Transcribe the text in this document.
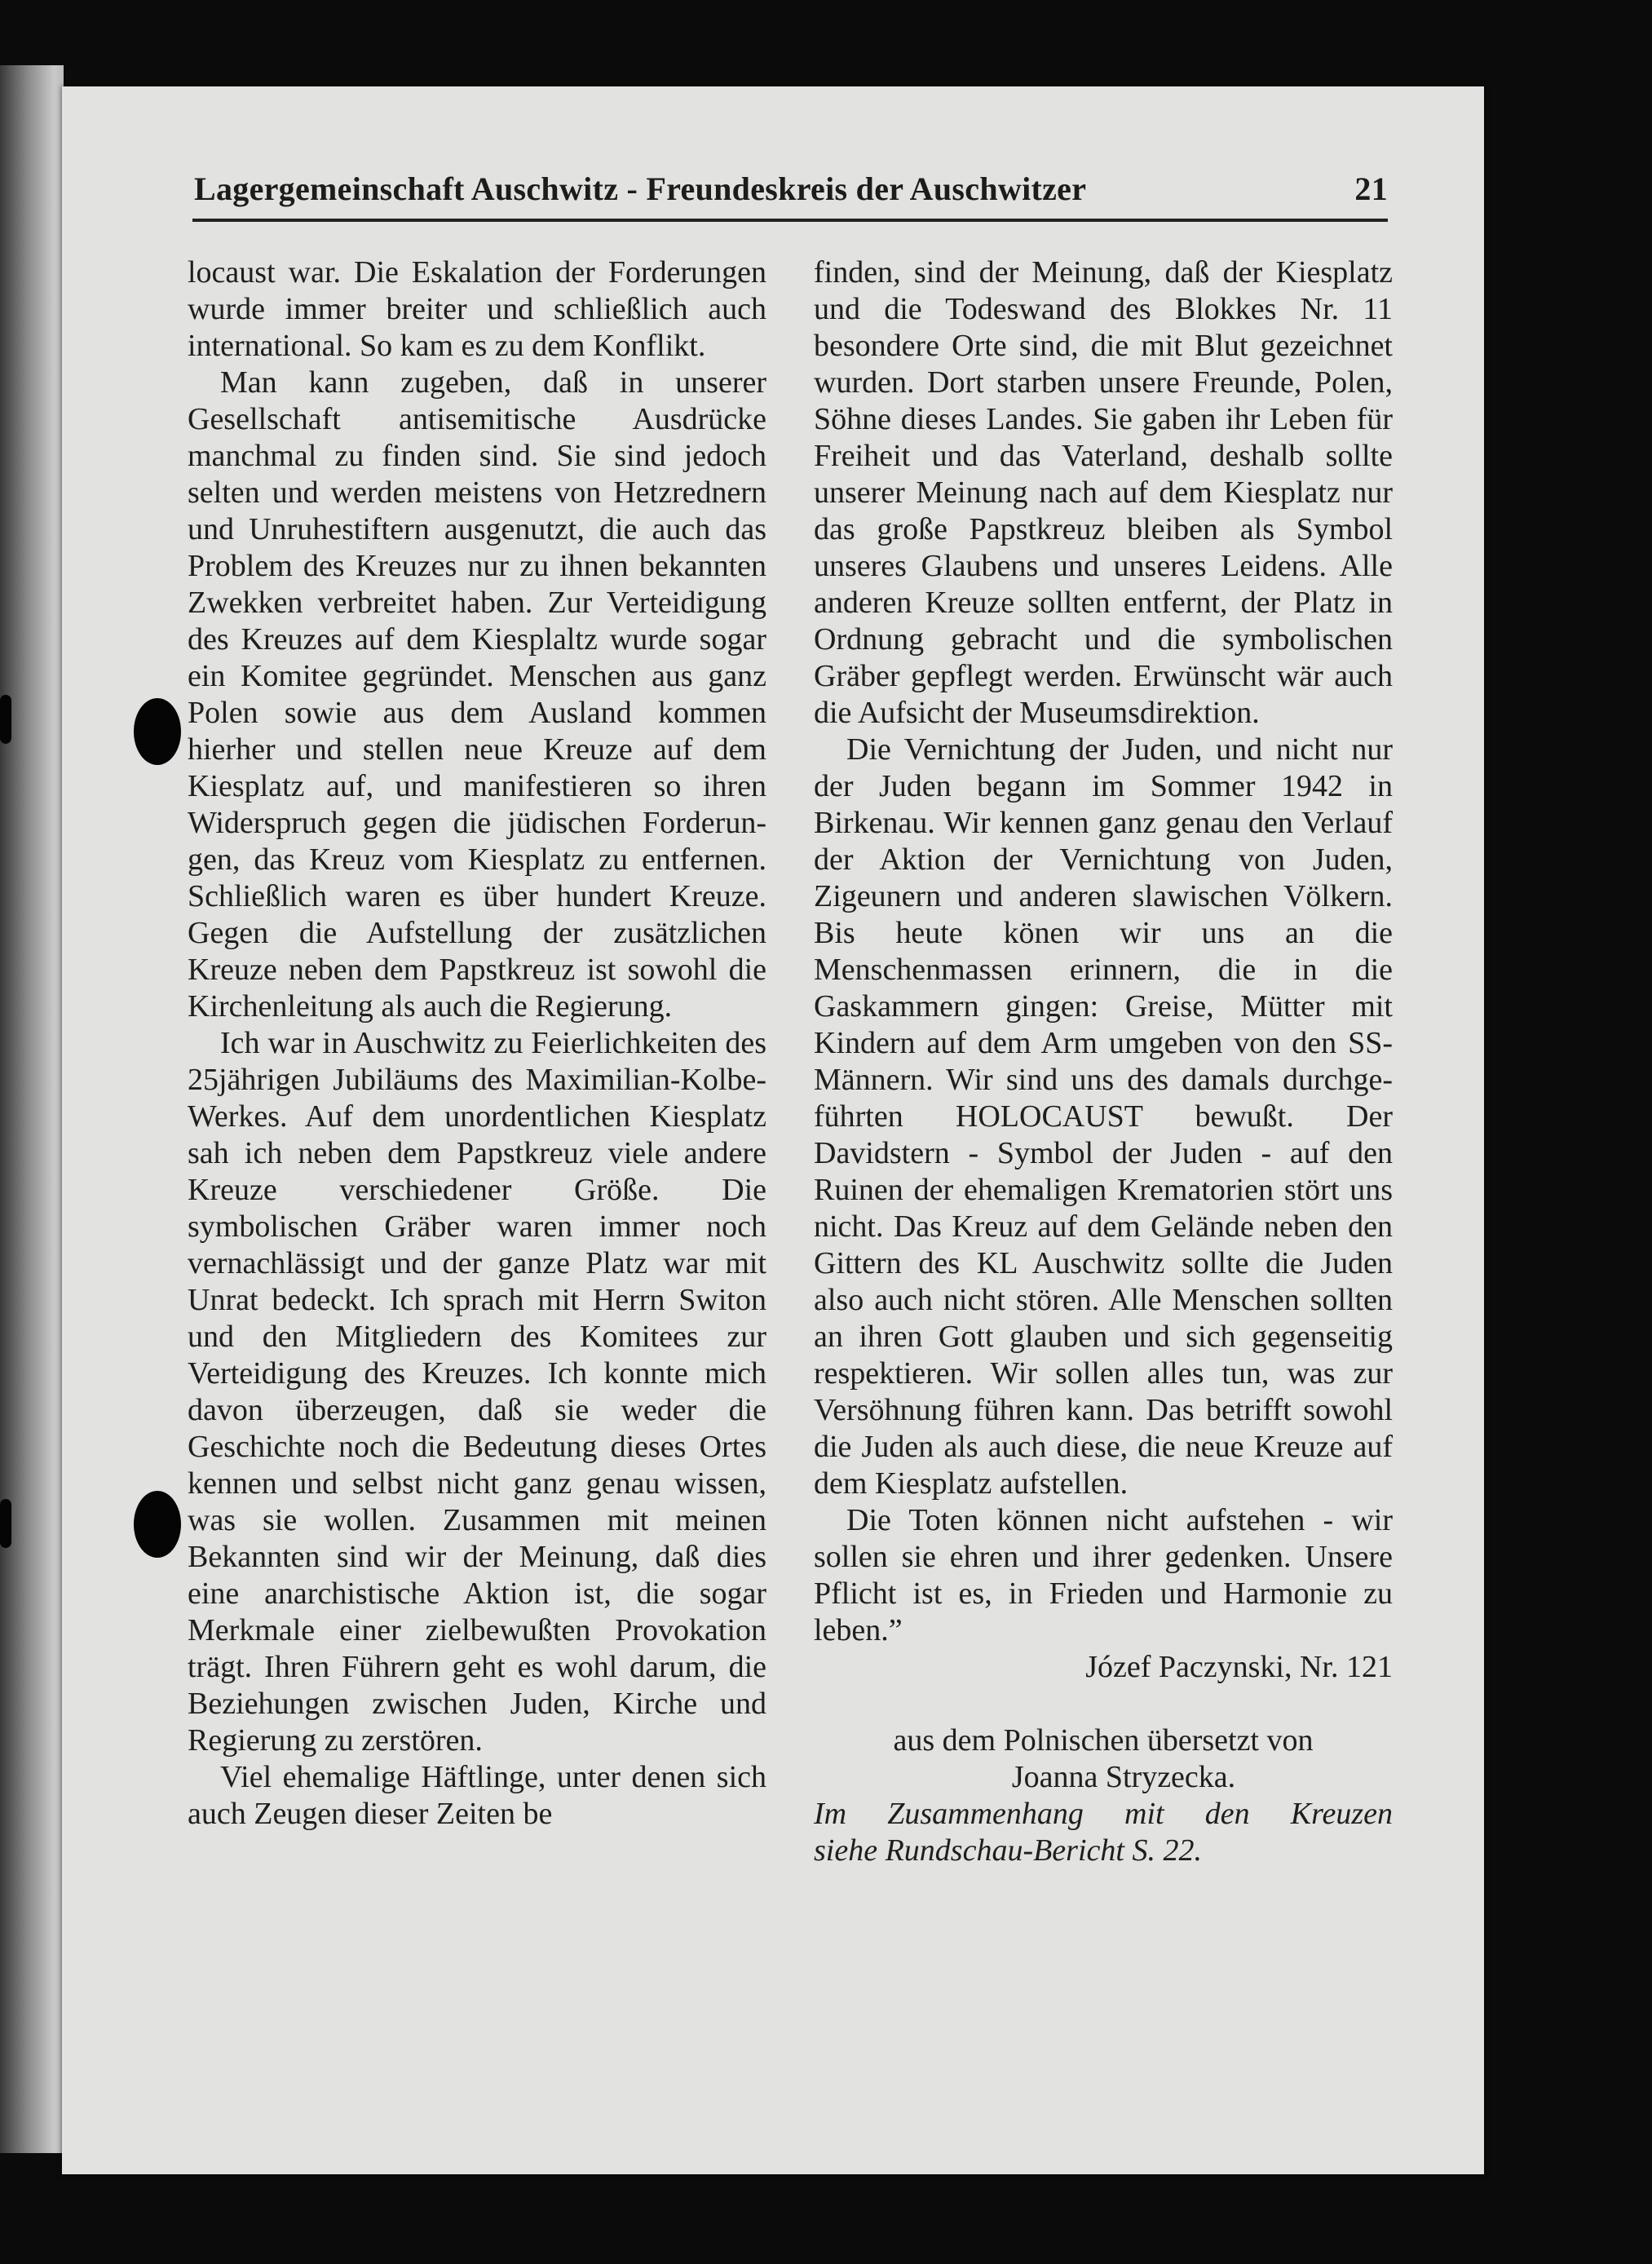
Lagergemeinschaft Auschwitz - Freundeskreis der Auschwitzer	21

locaust war. Die Eskalation der Forderungen wurde immer breiter und schließlich auch international. So kam es zu dem Konflikt.

Man kann zugeben, daß in unserer Gesellschaft antisemitische Ausdrücke manchmal zu finden sind. Sie sind jedoch selten und werden meistens von Hetzrednern und Unruhestiftern ausgenutzt, die auch das Problem des Kreuzes nur zu ihnen bekannten Zwekken verbreitet haben. Zur Verteidigung des Kreuzes auf dem Kiesplaltz wurde sogar ein Komitee gegründet. Menschen aus ganz Polen sowie aus dem Ausland kommen hierher und stellen neue Kreuze auf dem Kiesplatz auf, und manifestieren so ihren Widerspruch gegen die jüdischen Forderungen, das Kreuz vom Kiesplatz zu entfernen. Schließlich waren es über hundert Kreuze. Gegen die Aufstellung der zusätzlichen Kreuze neben dem Papstkreuz ist sowohl die Kirchenleitung als auch die Regierung.

Ich war in Auschwitz zu Feierlichkeiten des 25jährigen Jubiläums des Maximilian-Kolbe-Werkes. Auf dem unordentlichen Kiesplatz sah ich neben dem Papstkreuz viele andere Kreuze verschiedener Größe. Die symbolischen Gräber waren immer noch vernachlässigt und der ganze Platz war mit Unrat bedeckt. Ich sprach mit Herrn Switon und den Mitgliedern des Komitees zur Verteidigung des Kreuzes. Ich konnte mich davon überzeugen, daß sie weder die Geschichte noch die Bedeutung dieses Ortes kennen und selbst nicht ganz genau wissen, was sie wollen. Zusammen mit meinen Bekannten sind wir der Meinung, daß dies eine anarchistische Aktion ist, die sogar Merkmale einer zielbewußten Provokation trägt. Ihren Führern geht es wohl darum, die Beziehungen zwischen Juden, Kirche und Regierung zu zerstören.

Viel ehemalige Häftlinge, unter denen sich auch Zeugen dieser Zeiten be

finden, sind der Meinung, daß der Kiesplatz und die Todeswand des Blokkes Nr. 11 besondere Orte sind, die mit Blut gezeichnet wurden. Dort starben unsere Freunde, Polen, Söhne dieses Landes. Sie gaben ihr Leben für Freiheit und das Vaterland, deshalb sollte unserer Meinung nach auf dem Kiesplatz nur das große Papstkreuz bleiben als Symbol unseres Glaubens und unseres Leidens. Alle anderen Kreuze sollten entfernt, der Platz in Ordnung gebracht und die symbolischen Gräber gepflegt werden. Erwünscht wär auch die Aufsicht der Museumsdirektion.

Die Vernichtung der Juden, und nicht nur der Juden begann im Sommer 1942 in Birkenau. Wir kennen ganz genau den Verlauf der Aktion der Vernichtung von Juden, Zigeunern und anderen slawischen Völkern. Bis heute könen wir uns an die Menschenmassen erinnern, die in die Gaskammern gingen: Greise, Mütter mit Kindern auf dem Arm umgeben von den SS-Männern. Wir sind uns des damals durchgeführten HOLOCAUST bewußt. Der Davidstern - Symbol der Juden - auf den Ruinen der ehemaligen Krematorien stört uns nicht. Das Kreuz auf dem Gelände neben den Gittern des KL Auschwitz sollte die Juden also auch nicht stören. Alle Menschen sollten an ihren Gott glauben und sich gegenseitig respektieren. Wir sollen alles tun, was zur Versöhnung führen kann. Das betrifft sowohl die Juden als auch diese, die neue Kreuze auf dem Kiesplatz aufstellen.

Die Toten können nicht aufstehen - wir sollen sie ehren und ihrer gedenken. Unsere Pflicht ist es, in Frieden und Harmonie zu leben.”

Józef Paczynski, Nr. 121

aus dem Polnischen übersetzt von
Joanna Stryzecka.
Im Zusammenhang mit den Kreuzen
siehe Rundschau-Bericht S. 22.
